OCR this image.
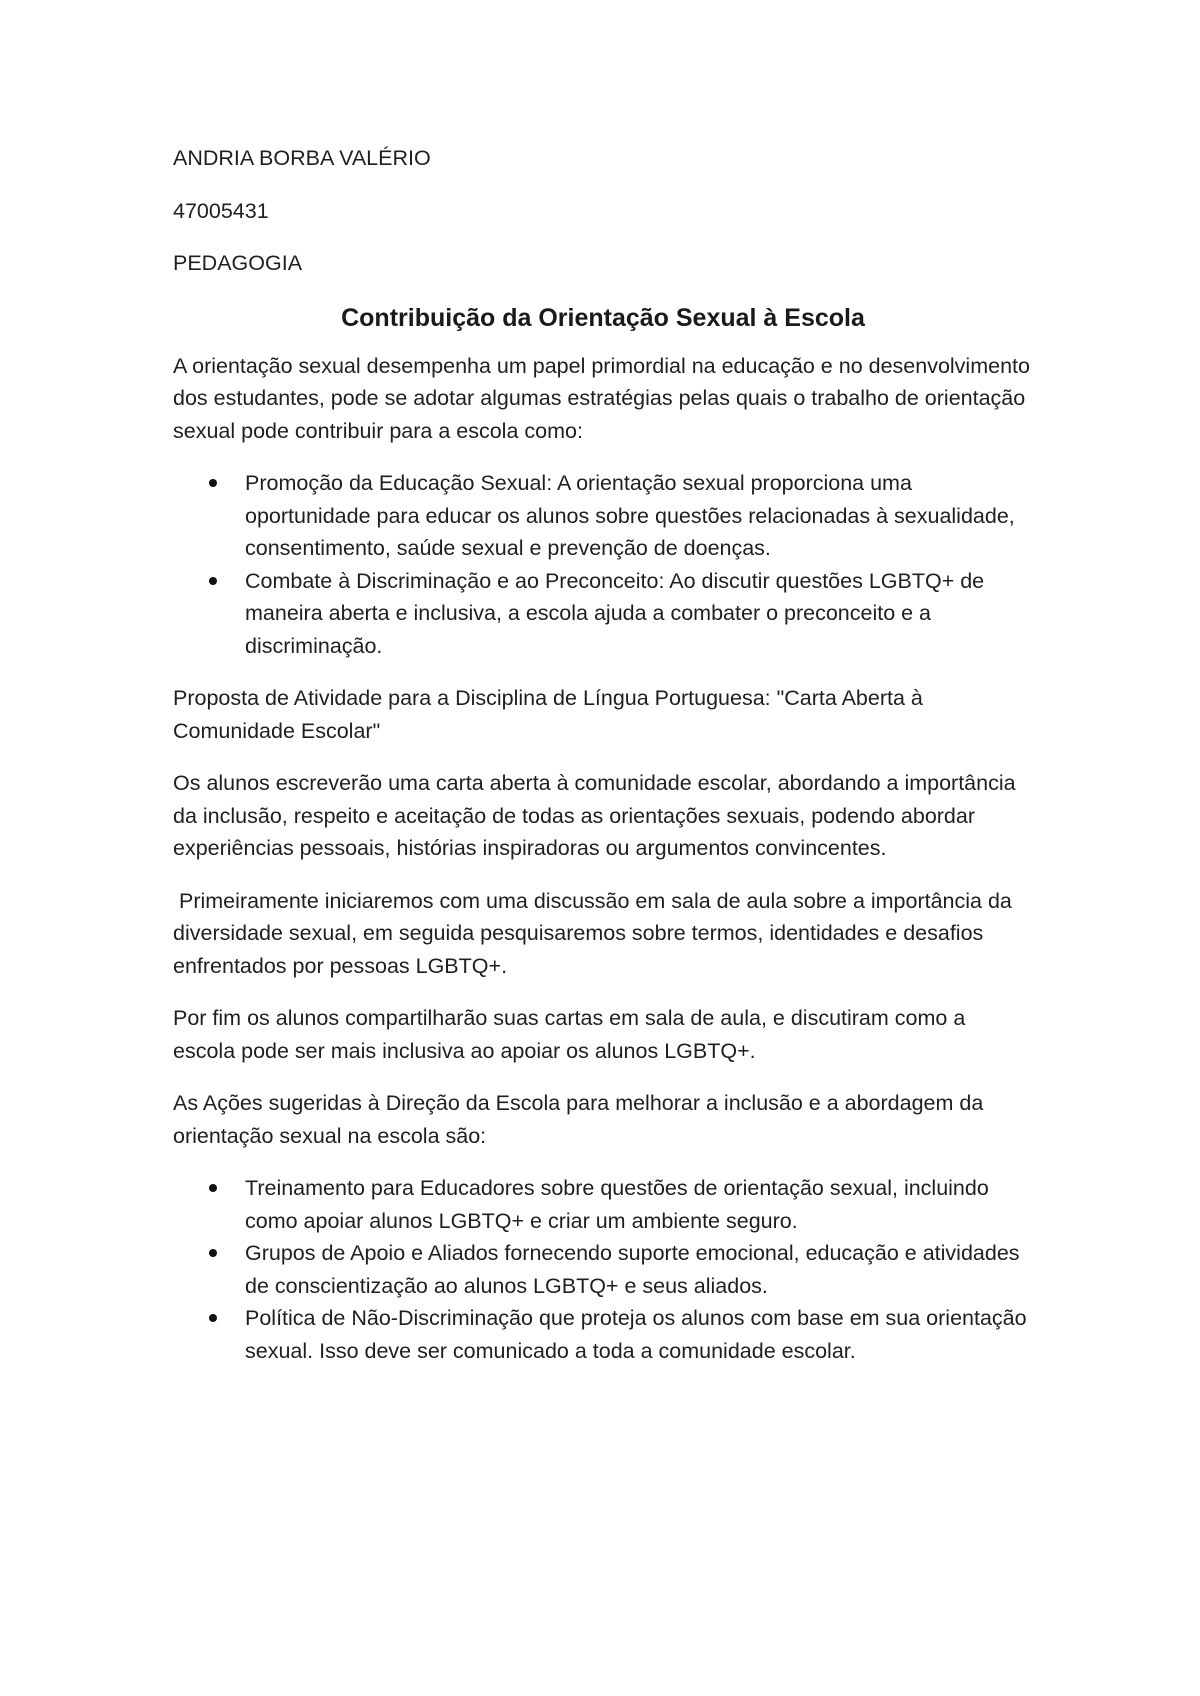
ANDRIA BORBA VALÉRIO

47005431

PEDAGOGIA

Contribuição da Orientação Sexual à Escola

A orientação sexual desempenha um papel primordial na educação e no desenvolvimento dos estudantes, pode se adotar algumas estratégias pelas quais o trabalho de orientação sexual pode contribuir para a escola como:

Promoção da Educação Sexual: A orientação sexual proporciona uma oportunidade para educar os alunos sobre questões relacionadas à sexualidade, consentimento, saúde sexual e prevenção de doenças.
Combate à Discriminação e ao Preconceito: Ao discutir questões LGBTQ+ de maneira aberta e inclusiva, a escola ajuda a combater o preconceito e a discriminação.

Proposta de Atividade para a Disciplina de Língua Portuguesa: "Carta Aberta à Comunidade Escolar"

Os alunos escreverão uma carta aberta à comunidade escolar, abordando a importância da inclusão, respeito e aceitação de todas as orientações sexuais, podendo abordar experiências pessoais, histórias inspiradoras ou argumentos convincentes.

Primeiramente iniciaremos com uma discussão em sala de aula sobre a importância da diversidade sexual, em seguida pesquisaremos sobre termos, identidades e desafios enfrentados por pessoas LGBTQ+.

Por fim os alunos compartilharão suas cartas em sala de aula, e discutiram como a escola pode ser mais inclusiva ao apoiar os alunos LGBTQ+.

As Ações sugeridas à Direção da Escola para melhorar a inclusão e a abordagem da orientação sexual na escola são:

Treinamento para Educadores sobre questões de orientação sexual, incluindo como apoiar alunos LGBTQ+ e criar um ambiente seguro.
Grupos de Apoio e Aliados fornecendo suporte emocional, educação e atividades de conscientização ao alunos LGBTQ+ e seus aliados.
Política de Não-Discriminação que proteja os alunos com base em sua orientação sexual. Isso deve ser comunicado a toda a comunidade escolar.
